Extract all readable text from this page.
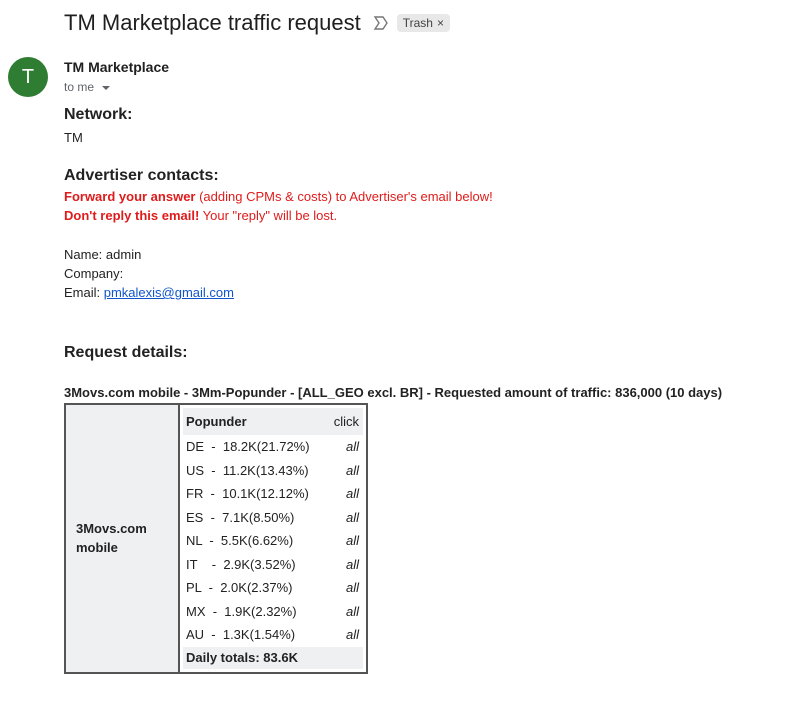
TM Marketplace traffic request	Trash ×
T	TM Marketplace
to me
Network:
TM
Advertiser contacts:
Forward your answer (adding CPMs & costs) to Advertiser's email below!
Don't reply this email! Your "reply" will be lost.
Name: admin
Company:
Email: pmkalexis@gmail.com
Request details:
3Movs.com mobile - 3Mm-Popunder - [ALL_GEO excl. BR] - Requested amount of traffic: 836,000 (10 days)
3Movs.com mobile	
Popunder	click
DE  -  18.2K(21.72%)	all
US  -  11.2K(13.43%)	all
FR  -  10.1K(12.12%)	all
ES  -  7.1K(8.50%)	all
NL  -  5.5K(6.62%)	all
IT    -  2.9K(3.52%)	all
PL  -  2.0K(2.37%)	all
MX  -  1.9K(2.32%)	all
AU  -  1.3K(1.54%)	all
Daily totals: 83.6K
